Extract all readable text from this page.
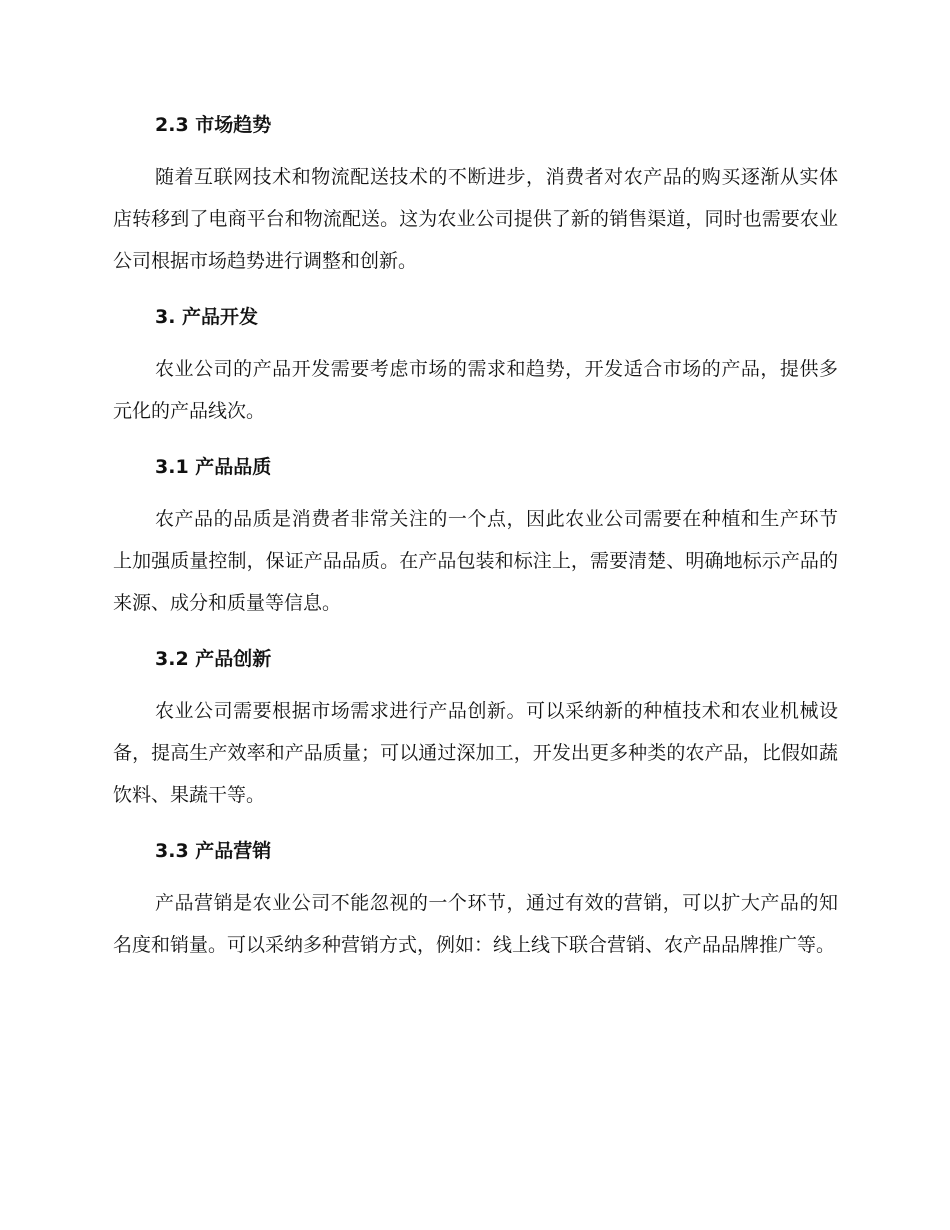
2.3 市场趋势

随着互联网技术和物流配送技术的不断进步，消费者对农产品的购买逐渐从实体店转移到了电商平台和物流配送。这为农业公司提供了新的销售渠道，同时也需要农业公司根据市场趋势进行调整和创新。

3. 产品开发

农业公司的产品开发需要考虑市场的需求和趋势，开发适合市场的产品，提供多元化的产品线次。

3.1 产品品质

农产品的品质是消费者非常关注的一个点，因此农业公司需要在种植和生产环节上加强质量控制，保证产品品质。在产品包装和标注上，需要清楚、明确地标示产品的来源、成分和质量等信息。

3.2 产品创新

农业公司需要根据市场需求进行产品创新。可以采纳新的种植技术和农业机械设备，提高生产效率和产品质量；可以通过深加工，开发出更多种类的农产品，比假如蔬饮料、果蔬干等。

3.3 产品营销

产品营销是农业公司不能忽视的一个环节，通过有效的营销，可以扩大产品的知名度和销量。可以采纳多种营销方式，例如：线上线下联合营销、农产品品牌推广等。
